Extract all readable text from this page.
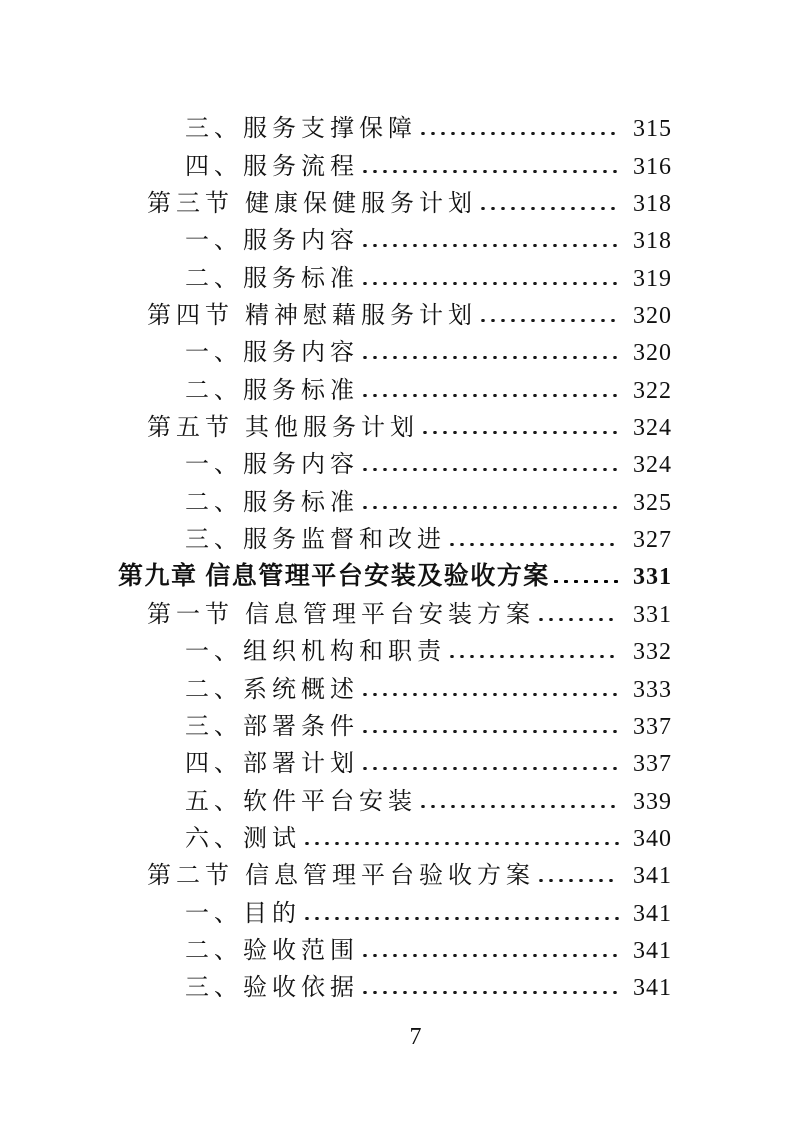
三、服务支撑保障	315
四、服务流程	316
第三节 健康保健服务计划	318
一、服务内容	318
二、服务标准	319
第四节 精神慰藉服务计划	320
一、服务内容	320
二、服务标准	322
第五节 其他服务计划	324
一、服务内容	324
二、服务标准	325
三、服务监督和改进	327
第九章 信息管理平台安装及验收方案	331
第一节 信息管理平台安装方案	331
一、组织机构和职责	332
二、系统概述	333
三、部署条件	337
四、部署计划	337
五、软件平台安装	339
六、测试	340
第二节 信息管理平台验收方案	341
一、目的	341
二、验收范围	341
三、验收依据	341
7
